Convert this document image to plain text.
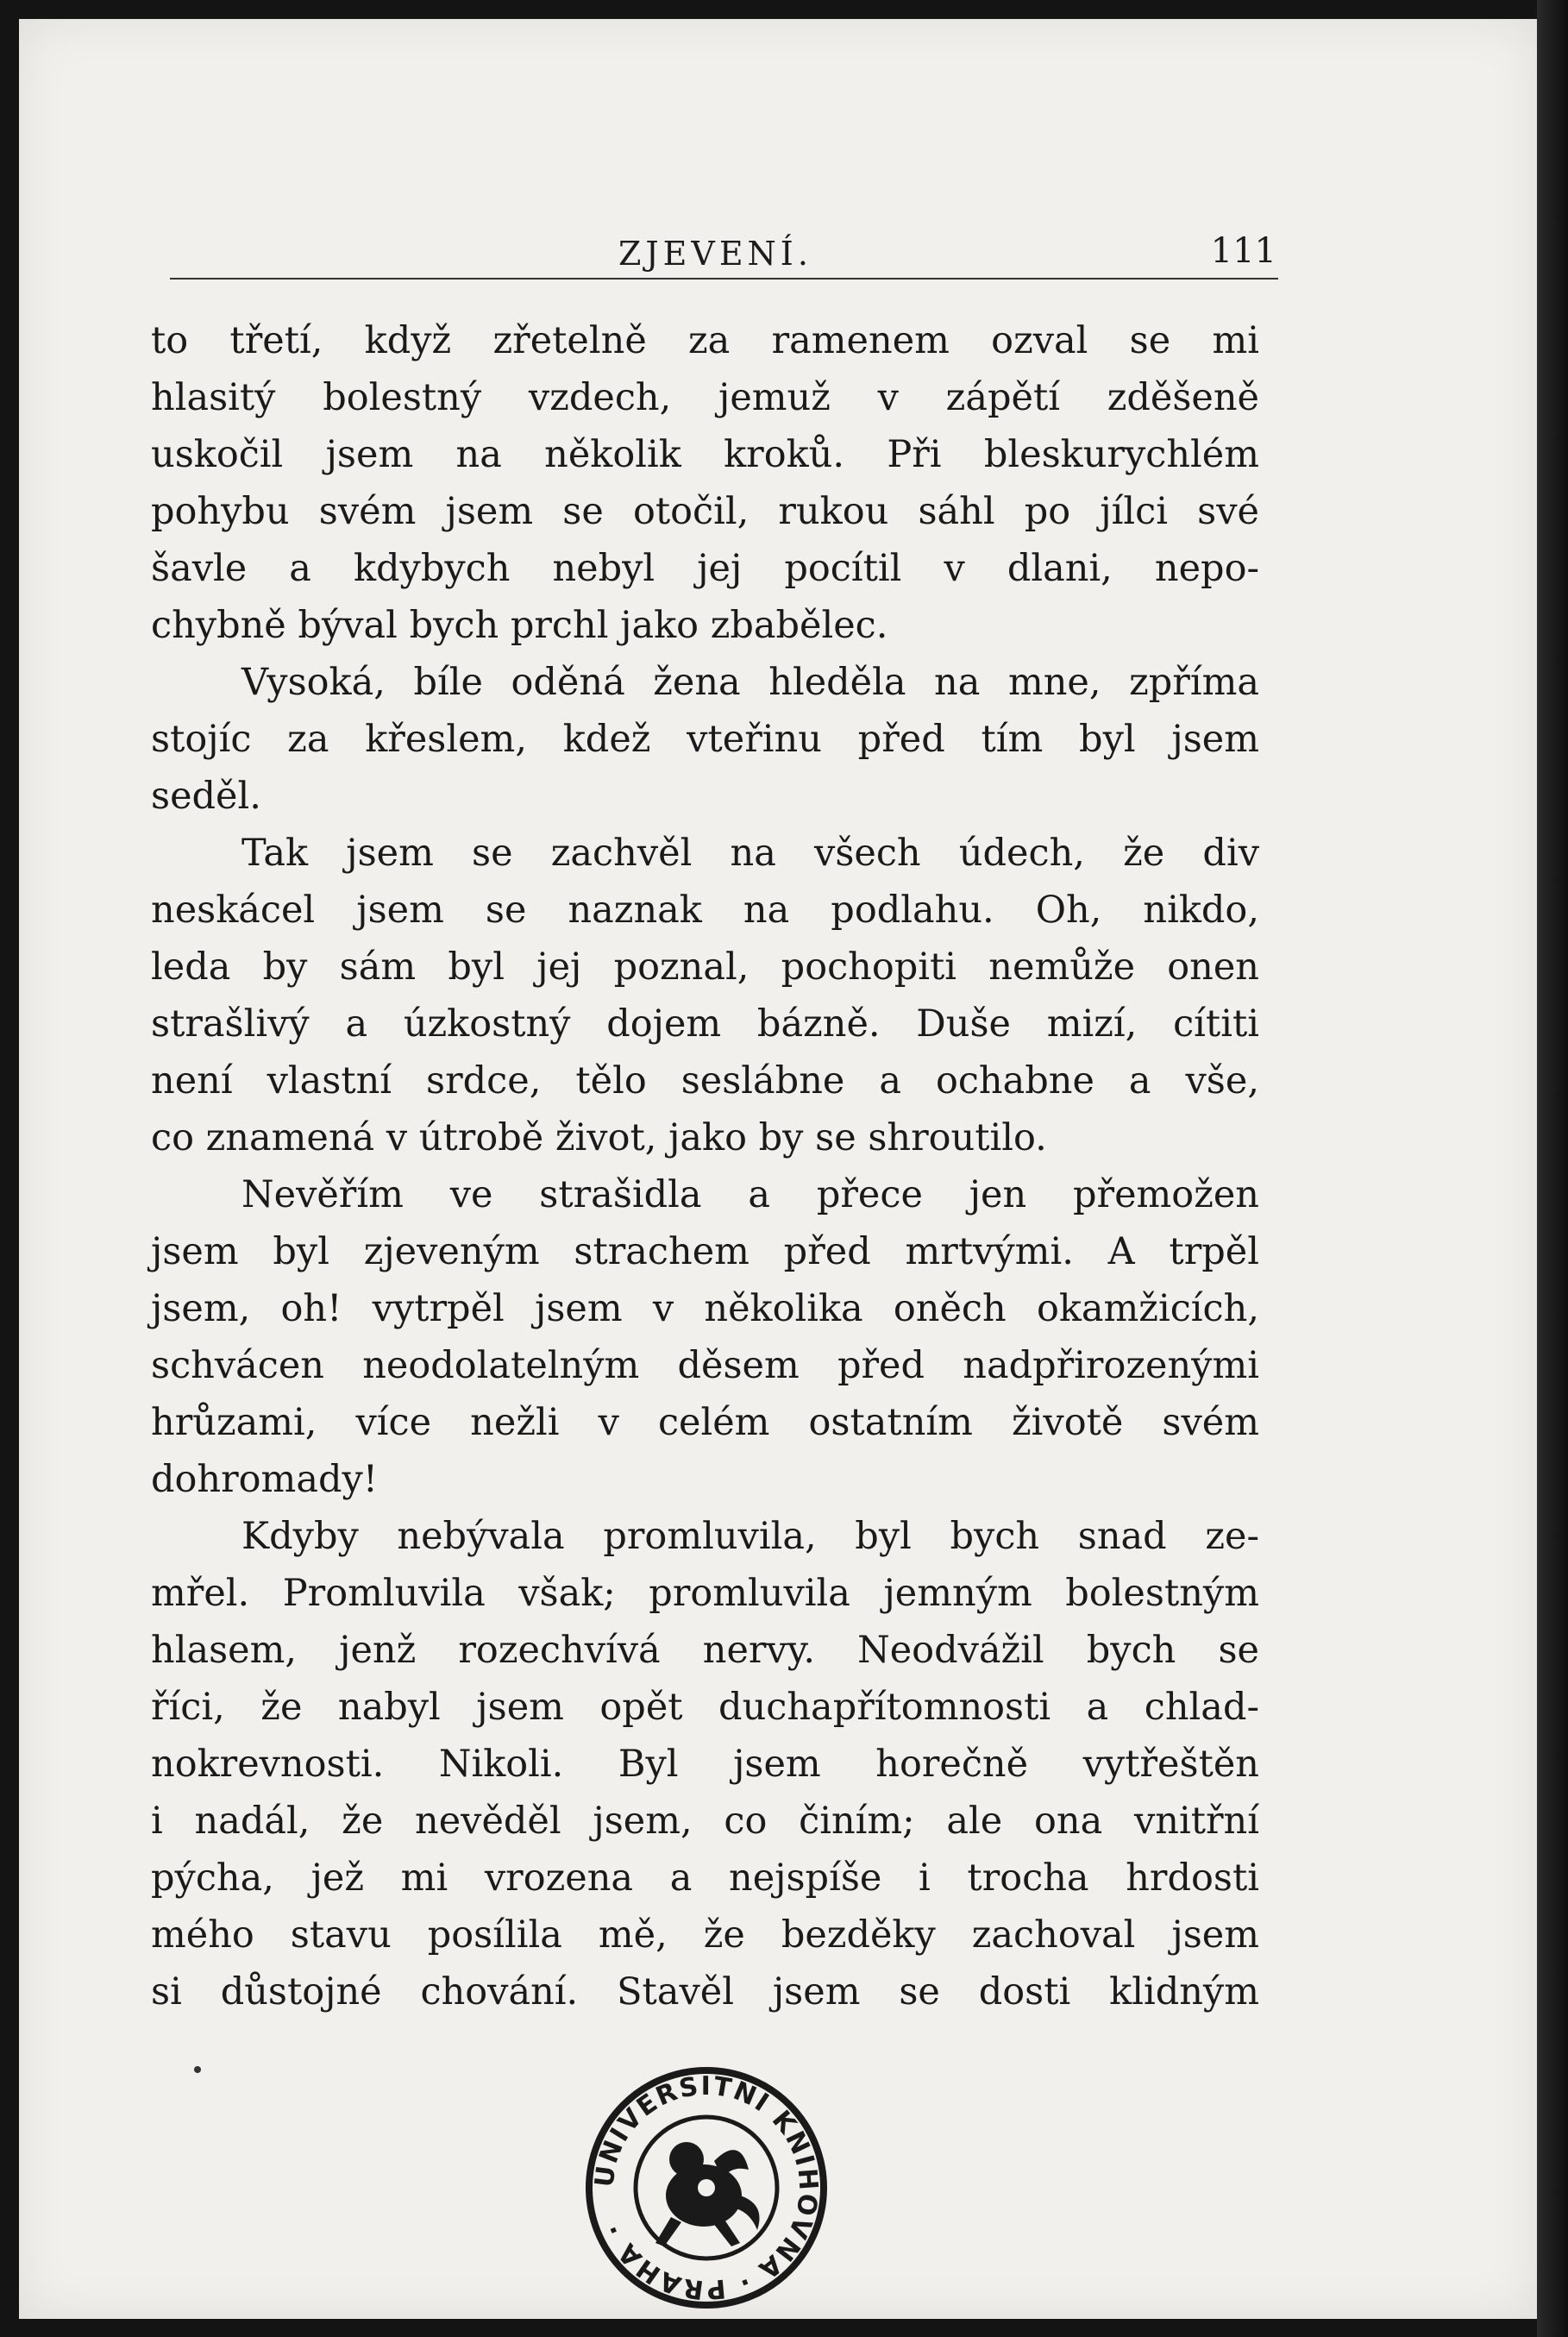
ZJEVENÍ.	111
to třetí, když zřetelně za ramenem ozval se mi
hlasitý bolestný vzdech, jemuž v zápětí zděšeně
uskočil jsem na několik kroků. Při bleskurychlém
pohybu svém jsem se otočil, rukou sáhl po jílci své
šavle a kdybych nebyl jej pocítil v dlani, nepo-
chybně býval bych prchl jako zbabělec.
Vysoká, bíle oděná žena hleděla na mne, zpříma
stojíc za křeslem, kdež vteřinu před tím byl jsem
seděl.
Tak jsem se zachvěl na všech údech, že div
neskácel jsem se naznak na podlahu. Oh, nikdo,
leda by sám byl jej poznal, pochopiti nemůže onen
strašlivý a úzkostný dojem bázně. Duše mizí, cítiti
není vlastní srdce, tělo seslábne a ochabne a vše,
co znamená v útrobě život, jako by se shroutilo.
Nevěřím ve strašidla a přece jen přemožen
jsem byl zjeveným strachem před mrtvými. A trpěl
jsem, oh! vytrpěl jsem v několika oněch okamžicích,
schvácen neodolatelným děsem před nadpřirozenými
hrůzami, více nežli v celém ostatním životě svém
dohromady!
Kdyby nebývala promluvila, byl bych snad ze-
mřel. Promluvila však; promluvila jemným bolestným
hlasem, jenž rozechvívá nervy. Neodvážil bych se
říci, že nabyl jsem opět duchapřítomnosti a chlad-
nokrevnosti. Nikoli. Byl jsem horečně vytřeštěn
i nadál, že nevěděl jsem, co činím; ale ona vnitřní
pýcha, jež mi vrozena a nejspíše i trocha hrdosti
mého stavu posílila mě, že bezděky zachoval jsem
si důstojné chování. Stavěl jsem se dosti klidným
UNIVERSITNÍ KNIHOVNA · PRAHA ·
